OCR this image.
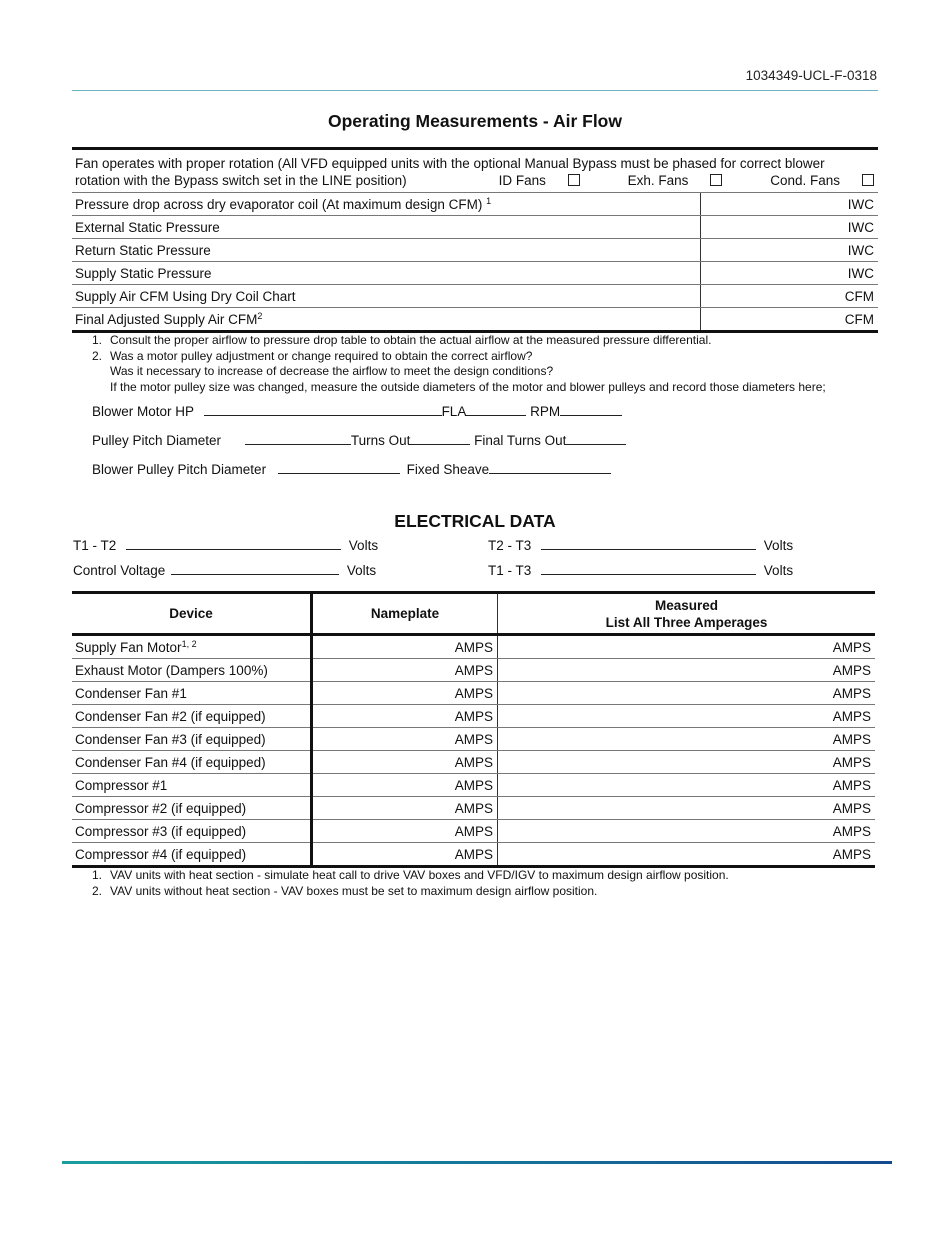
1034349-UCL-F-0318
Operating Measurements - Air Flow
Fan operates with proper rotation (All VFD equipped units with the optional Manual Bypass must be phased for correct blower
rotation with the Bypass switch set in the LINE position) ID Fans Exh. Fans Cond. Fans	

Pressure drop across dry evaporator coil (At maximum design CFM) $^1$	IWC
External Static Pressure	IWC
Return Static Pressure	IWC
Supply Static Pressure	IWC
Supply Air CFM Using Dry Coil Chart	CFM
Final Adjusted Supply Air CFM$^2$	CFM
1. Consult the proper airflow to pressure drop table to obtain the actual airflow at the measured pressure differential.
2. Was a motor pulley adjustment or change required to obtain the correct airflow?
Was it necessary to increase of decrease the airflow to meet the design conditions?
If the motor pulley size was changed, measure the outside diameters of the motor and blower pulleys and record those diameters here;
Blower Motor HP	FLA	RPM
Pulley Pitch Diameter	Turns Out	Final Turns Out
Blower Pulley Pitch Diameter	Fixed Sheave
ELECTRICAL DATA
T1 - T2	Volts	T2 - T3	Volts
Control Voltage	Volts	T1 - T3	Volts
Device	Nameplate	Measured
List All Three Amperages

Supply Fan Motor$^{1, 2}$	AMPS	AMPS
Exhaust Motor (Dampers 100%)	AMPS	AMPS
Condenser Fan #1	AMPS	AMPS
Condenser Fan #2 (if equipped)	AMPS	AMPS
Condenser Fan #3 (if equipped)	AMPS	AMPS
Condenser Fan #4 (if equipped)	AMPS	AMPS
Compressor #1	AMPS	AMPS
Compressor #2 (if equipped)	AMPS	AMPS
Compressor #3 (if equipped)	AMPS	AMPS
Compressor #4 (if equipped)	AMPS	AMPS
1. VAV units with heat section - simulate heat call to drive VAV boxes and VFD/IGV to maximum design airflow position.
2. VAV units without heat section - VAV boxes must be set to maximum design airflow position.
